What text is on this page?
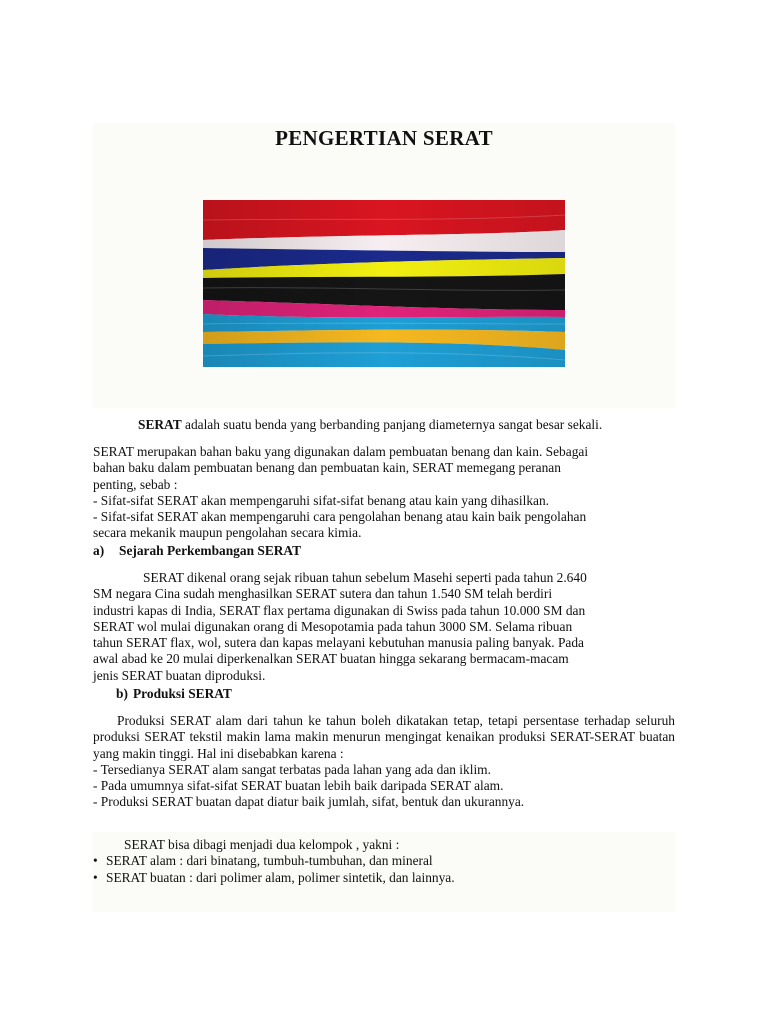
PENGERTIAN SERAT
SERAT adalah suatu benda yang berbanding panjang diameternya sangat besar sekali.
SERAT merupakan bahan baku yang digunakan dalam pembuatan benang dan kain. Sebagai
bahan baku dalam pembuatan benang dan pembuatan kain, SERAT memegang peranan
penting, sebab :
- Sifat-sifat SERAT akan mempengaruhi sifat-sifat benang atau kain yang dihasilkan.
- Sifat-sifat SERAT akan mempengaruhi cara pengolahan benang atau kain baik pengolahan
secara mekanik maupun pengolahan secara kimia.
a) Sejarah Perkembangan SERAT
SERAT dikenal orang sejak ribuan tahun sebelum Masehi seperti pada tahun 2.640
SM negara Cina sudah menghasilkan SERAT sutera dan tahun 1.540 SM telah berdiri
industri kapas di India, SERAT flax pertama digunakan di Swiss pada tahun 10.000 SM dan
SERAT wol mulai digunakan orang di Mesopotamia pada tahun 3000 SM. Selama ribuan
tahun SERAT flax, wol, sutera dan kapas melayani kebutuhan manusia paling banyak. Pada
awal abad ke 20 mulai diperkenalkan SERAT buatan hingga sekarang bermacam-macam
jenis SERAT buatan diproduksi.
b) Produksi SERAT
Produksi SERAT alam dari tahun ke tahun boleh dikatakan tetap, tetapi persentase terhadap seluruh produksi SERAT tekstil makin lama makin menurun mengingat kenaikan produksi SERAT-SERAT buatan yang makin tinggi. Hal ini disebabkan karena :
- Tersedianya SERAT alam sangat terbatas pada lahan yang ada dan iklim.
- Pada umumnya sifat-sifat SERAT buatan lebih baik daripada SERAT alam.
- Produksi SERAT buatan dapat diatur baik jumlah, sifat, bentuk dan ukurannya.
SERAT bisa dibagi menjadi dua kelompok , yakni :
• SERAT alam : dari binatang, tumbuh-tumbuhan, dan mineral
• SERAT buatan : dari polimer alam, polimer sintetik, dan lainnya.
